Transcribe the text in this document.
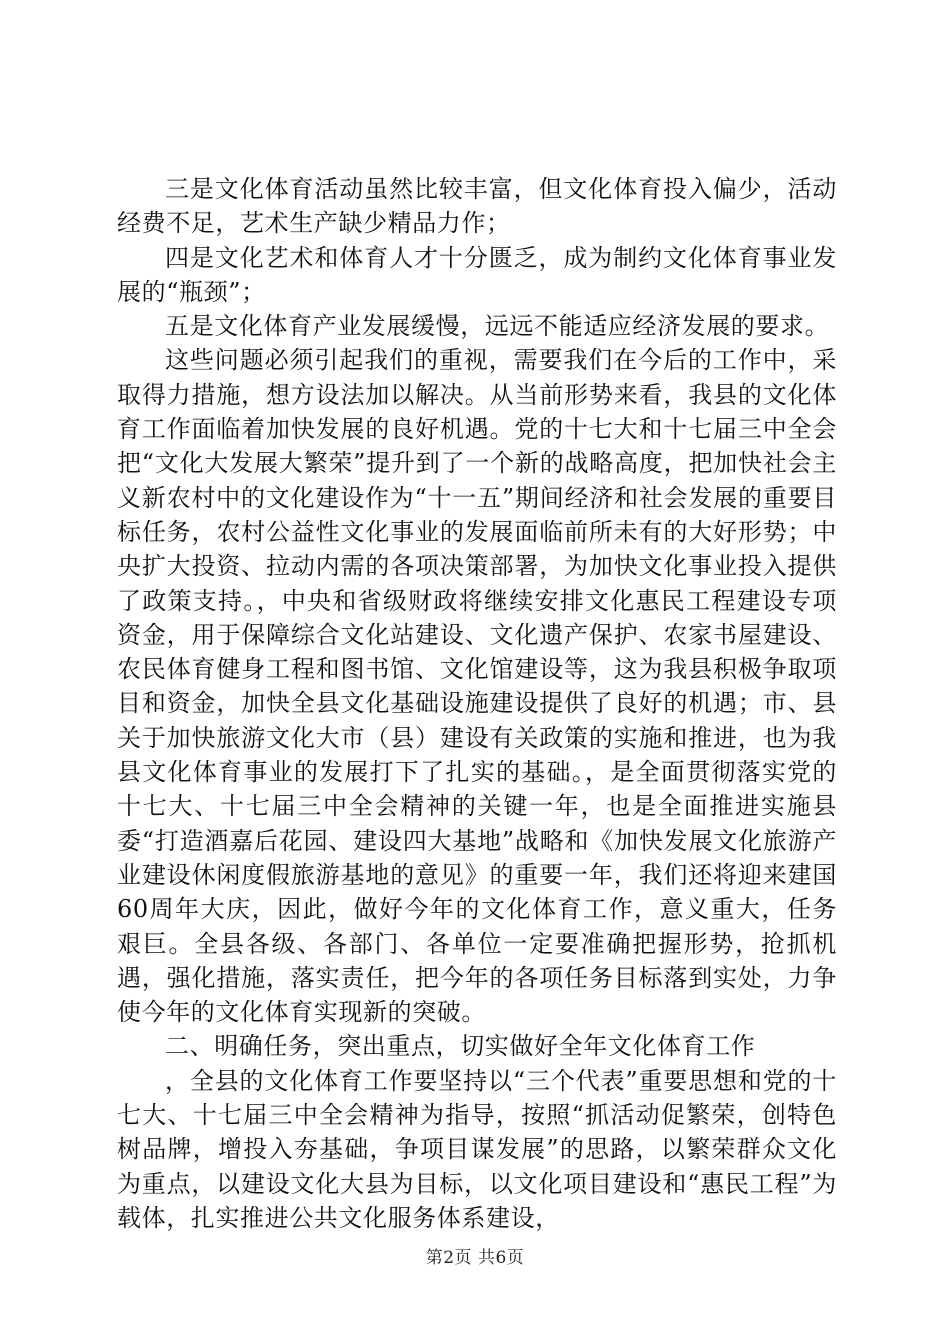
三是文化体育活动虽然比较丰富，但文化体育投入偏少，活动经费不足，艺术生产缺少精品力作；

四是文化艺术和体育人才十分匮乏，成为制约文化体育事业发展的“瓶颈”；

五是文化体育产业发展缓慢，远远不能适应经济发展的要求。

这些问题必须引起我们的重视，需要我们在今后的工作中，采取得力措施，想方设法加以解决。从当前形势来看，我县的文化体育工作面临着加快发展的良好机遇。党的十七大和十七届三中全会把“文化大发展大繁荣”提升到了一个新的战略高度，把加快社会主义新农村中的文化建设作为“十一五”期间经济和社会发展的重要目标任务，农村公益性文化事业的发展面临前所未有的大好形势；中央扩大投资、拉动内需的各项决策部署，为加快文化事业投入提供了政策支持。，中央和省级财政将继续安排文化惠民工程建设专项资金，用于保障综合文化站建设、文化遗产保护、农家书屋建设、农民体育健身工程和图书馆、文化馆建设等，这为我县积极争取项目和资金，加快全县文化基础设施建设提供了良好的机遇；市、县关于加快旅游文化大市（县）建设有关政策的实施和推进，也为我县文化体育事业的发展打下了扎实的基础。，是全面贯彻落实党的十七大、十七届三中全会精神的关键一年，也是全面推进实施县委“打造酒嘉后花园、建设四大基地”战略和《加快发展文化旅游产业建设休闲度假旅游基地的意见》的重要一年，我们还将迎来建国60周年大庆，因此，做好今年的文化体育工作，意义重大，任务艰巨。全县各级、各部门、各单位一定要准确把握形势，抢抓机遇，强化措施，落实责任，把今年的各项任务目标落到实处，力争使今年的文化体育实现新的突破。

二、明确任务，突出重点，切实做好全年文化体育工作

，全县的文化体育工作要坚持以“三个代表”重要思想和党的十七大、十七届三中全会精神为指导，按照“抓活动促繁荣，创特色树品牌，增投入夯基础，争项目谋发展”的思路，以繁荣群众文化为重点，以建设文化大县为目标，以文化项目建设和“惠民工程”为载体，扎实推进公共文化服务体系建设，

第2页 共6页
